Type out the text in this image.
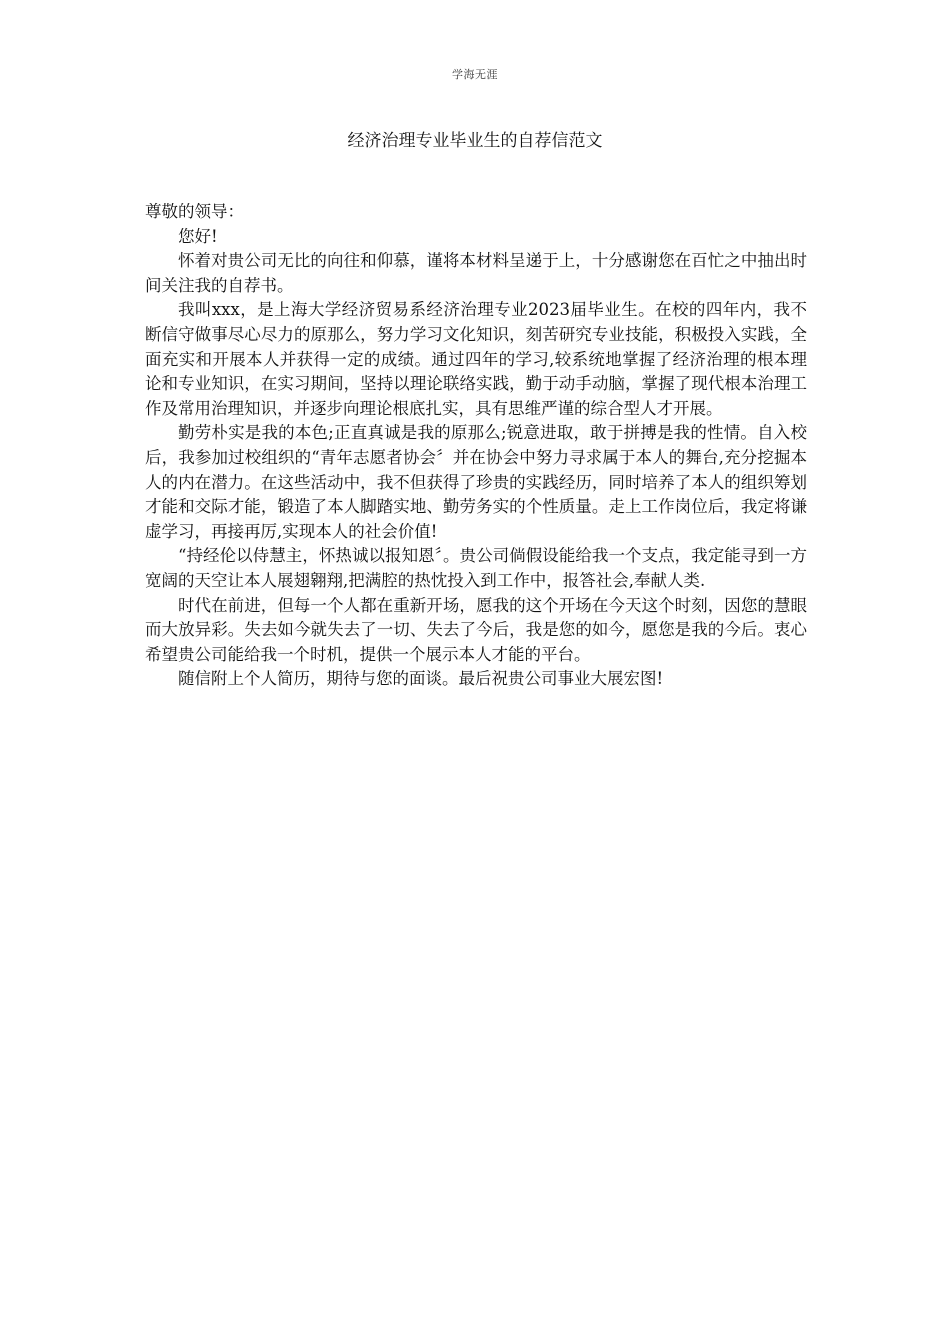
学海无涯
经济治理专业毕业生的自荐信范文

尊敬的领导：

您好!

怀着对贵公司无比的向往和仰慕，谨将本材料呈递于上，十分感谢您在百忙之中抽出时间关注我的自荐书。

我叫xxx，是上海大学经济贸易系经济治理专业2023届毕业生。在校的四年内，我不断信守做事尽心尽力的原那么，努力学习文化知识，刻苦研究专业技能，积极投入实践，全面充实和开展本人并获得一定的成绩。通过四年的学习,较系统地掌握了经济治理的根本理论和专业知识，在实习期间，坚持以理论联络实践，勤于动手动脑，掌握了现代根本治理工作及常用治理知识，并逐步向理论根底扎实，具有思维严谨的综合型人才开展。

勤劳朴实是我的本色;正直真诚是我的原那么;锐意进取，敢于拼搏是我的性情。自入校后，我参加过校组织的“青年志愿者协会〞并在协会中努力寻求属于本人的舞台,充分挖掘本人的内在潜力。在这些活动中，我不但获得了珍贵的实践经历，同时培养了本人的组织筹划才能和交际才能，锻造了本人脚踏实地、勤劳务实的个性质量。走上工作岗位后，我定将谦虚学习，再接再厉,实现本人的社会价值!

“持经伦以侍慧主，怀热诚以报知恩〞。贵公司倘假设能给我一个支点，我定能寻到一方宽阔的天空让本人展翅翱翔,把满腔的热忱投入到工作中，报答社会,奉献人类.

时代在前进，但每一个人都在重新开场，愿我的这个开场在今天这个时刻，因您的慧眼而大放异彩。失去如今就失去了一切、失去了今后，我是您的如今，愿您是我的今后。衷心希望贵公司能给我一个时机，提供一个展示本人才能的平台。

随信附上个人简历，期待与您的面谈。最后祝贵公司事业大展宏图!
